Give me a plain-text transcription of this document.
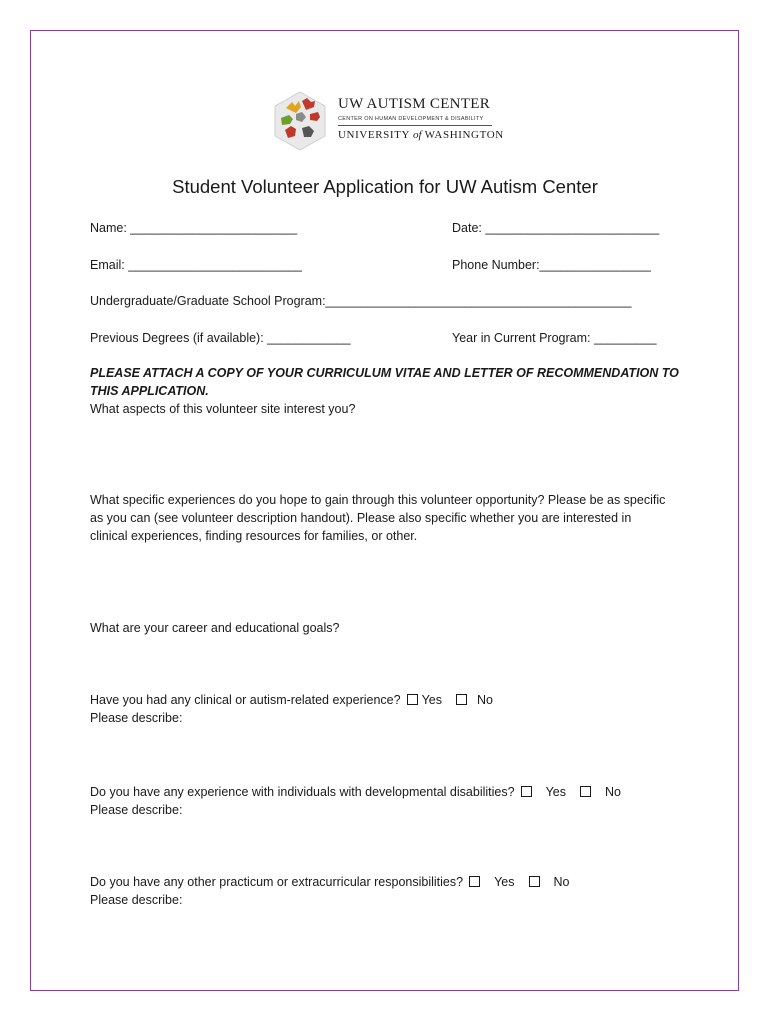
UW AUTISM CENTER
CENTER ON HUMAN DEVELOPMENT & DISABILITY
UNIVERSITY of WASHINGTON
Student Volunteer Application for UW Autism Center
Name: ________________________	Date: _________________________
Email: _________________________	Phone Number:________________
Undergraduate/Graduate School Program:____________________________________________
Previous Degrees (if available): ____________	Year in Current Program: _________
PLEASE ATTACH A COPY OF YOUR CURRICULUM VITAE AND LETTER OF RECOMMENDATION TO THIS APPLICATION.
What aspects of this volunteer site interest you?
What specific experiences do you hope to gain through this volunteer opportunity? Please be as specific as you can (see volunteer description handout). Please also specific whether you are interested in clinical experiences, finding resources for families, or other.
What are your career and educational goals?
Have you had any clinical or autism-related experience? Yes	No
Please describe:
Do you have any experience with individuals with developmental disabilities? Yes	No
Please describe:
Do you have any other practicum or extracurricular responsibilities? Yes	No
Please describe:
